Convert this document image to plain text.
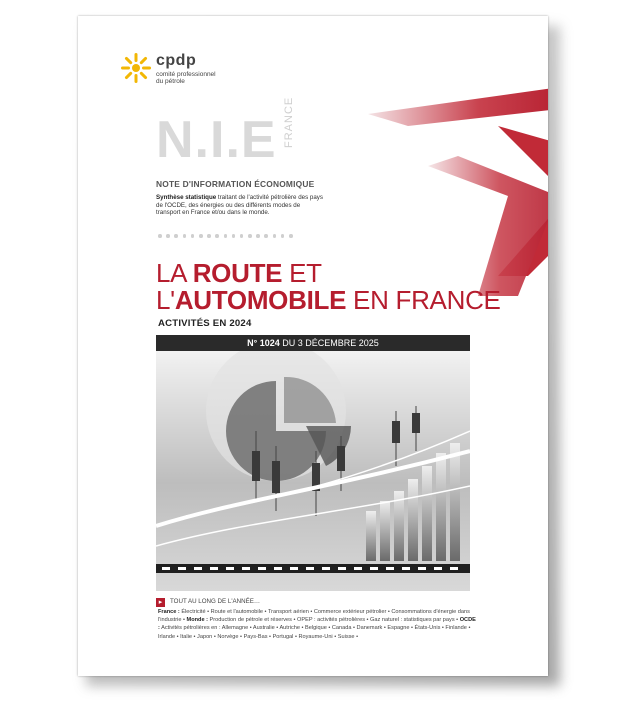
cpdp
comité professionnel du pétrole
N.I.E FRANCE
NOTE D'INFORMATION ÉCONOMIQUE
Synthèse statistique traitant de l'activité pétrolière des pays de l'OCDE, des énergies ou des différents modes de transport en France et/ou dans le monde.
LA ROUTE ET
L'AUTOMOBILE EN FRANCE
ACTIVITÉS EN 2024
N° 1024 DU 3 DÉCEMBRE 2025
▸	TOUT AU LONG DE L'ANNÉE…
France : Électricité • Route et l'automobile • Transport aérien • Commerce extérieur pétrolier • Consommations d'énergie dans l'industrie • Monde : Production de pétrole et réserves • OPEP : activités pétrolières • Gaz naturel : statistiques par pays • OCDE : Activités pétrolières en : Allemagne • Australie • Autriche • Belgique • Canada • Danemark • Espagne • États-Unis • Finlande • Irlande • Italie • Japon • Norvège • Pays-Bas • Portugal • Royaume-Uni • Suisse •
